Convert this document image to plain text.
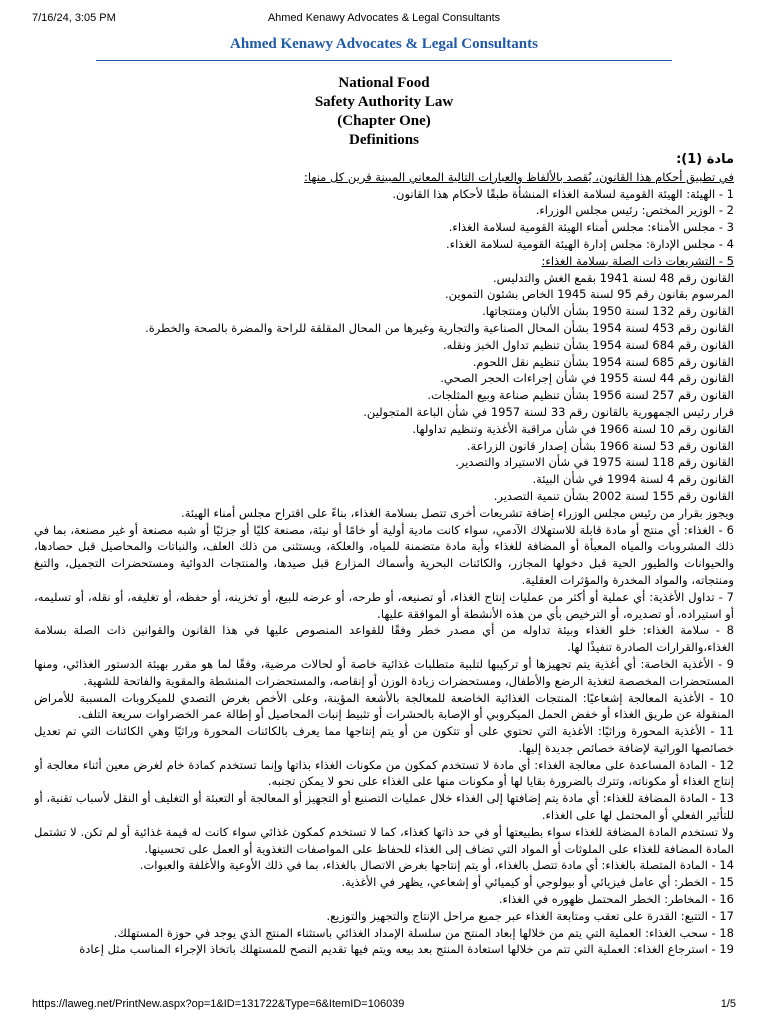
7/16/24, 3:05 PM	Ahmed Kenawy Advocates & Legal Consultants
Ahmed Kenawy Advocates & Legal Consultants
National Food
Safety Authority Law
(Chapter One)
Definitions

مادة (1):

في تطبيق أحكام هذا القانون، يُقصد بالألفاظ والعبارات التالية المعاني المبينة قرين كل منها:

1 - الهيئة: الهيئة القومية لسلامة الغذاء المنشأة طبقًا لأحكام هذا القانون.

2 - الوزير المختص: رئيس مجلس الوزراء.

3 - مجلس الأمناء: مجلس أمناء الهيئة القومية لسلامة الغذاء.

4 - مجلس الإدارة: مجلس إدارة الهيئة القومية لسلامة الغذاء.

5 - التشريعات ذات الصلة بسلامة الغذاء:

القانون رقم 48 لسنة 1941 بقمع الغش والتدليس.

المرسوم بقانون رقم 95 لسنة 1945 الخاص بشئون التموين.

القانون رقم 132 لسنة 1950 بشأن الألبان ومنتجاتها.

القانون رقم 453 لسنة 1954 بشأن المحال الصناعية والتجارية وغيرها من المحال المقلقة للراحة والمضرة بالصحة والخطرة.

القانون رقم 684 لسنة 1954 بشأن تنظيم تداول الخبز ونقله.

القانون رقم 685 لسنة 1954 بشأن تنظيم نقل اللحوم.

القانون رقم 44 لسنة 1955 في شأن إجراءات الحجر الصحي.

القانون رقم 257 لسنة 1956 بشأن تنظيم صناعة وبيع المثلجات.

قرار رئيس الجمهورية بالقانون رقم 33 لسنة 1957 في شأن الباعة المتجولين.

القانون رقم 10 لسنة 1966 في شأن مراقبة الأغذية وتنظيم تداولها.

القانون رقم 53 لسنة 1966 بشأن إصدار قانون الزراعة.

القانون رقم 118 لسنة 1975 في شأن الاستيراد والتصدير.

القانون رقم 4 لسنة 1994 في شأن البيئة.

القانون رقم 155 لسنة 2002 بشأن تنمية التصدير.

ويجوز بقرار من رئيس مجلس الوزراء إضافة تشريعات أخرى تتصل بسلامة الغذاء، بناءً على اقتراح مجلس أمناء الهيئة.

6 - الغذاء: أي منتج أو مادة قابلة للاستهلاك الآدمي، سواء كانت مادية أولية أو خامًا أو نيئة، مصنعة كليًا أو جزئيًا أو شبه مصنعة أو غير مصنعة، بما في ذلك المشروبات والمياه المعبأة أو المضافة للغذاء وأية مادة متضمنة للمياه، والعلكة، ويستثنى من ذلك العلف، والنباتات والمحاصيل قبل حصادها، والحيوانات والطيور الحية قبل دخولها المجازر، والكائنات البحرية وأسماك المزارع قبل صيدها، والمنتجات الدوائية ومستحضرات التجميل، والتبغ ومنتجاته، والمواد المخدرة والمؤثرات العقلية.

7 - تداول الأغذية: أي عملية أو أكثر من عمليات إنتاج الغذاء، أو تصنيعه، أو طرحه، أو عرضه للبيع، أو تخزينه، أو حفظه، أو تغليفه، أو نقله، أو تسليمه، أو استيراده، أو تصديره، أو الترخيص بأي من هذه الأنشطة أو الموافقة عليها.

8 - سلامة الغذاء: خلو الغذاء وبيئة تداوله من أي مصدر خطر وفقًا للقواعد المنصوص عليها في هذا القانون والقوانين ذات الصلة بسلامة الغذاء،والقرارات الصادرة تنفيذًا لها.

9 - الأغذية الخاصة: أي أغذية يتم تجهيزها أو تركيبها لتلبية متطلبات غذائية خاصة أو لحالات مرضية، وفقًا لما هو مقرر بهيئة الدستور الغذائي، ومنها المستحضرات المخصصة لتغذية الرضع والأطفال، ومستحضرات زيادة الوزن أو إنقاصه، والمستحضرات المنشطة والمقوية والفاتحة للشهية.

10 - الأغذية المعالجة إشعاعيًا: المنتجات الغذائية الخاضعة للمعالجة بالأشعة المؤينة، وعلى الأخص بغرض التصدي للميكروبات المسببة للأمراض المنقولة عن طريق الغذاء أو خفض الحمل الميكروبي أو الإصابة بالحشرات أو تثبيط إنبات المحاصيل أو إطالة عمر الخضراوات سريعة التلف.

11 - الأغذية المحورة وراثيًا: الأغذية التي تحتوي على أو تتكون من أو يتم إنتاجها مما يعرف بالكائنات المحورة وراثيًا وهي الكائنات التي تم تعديل خصائصها الوراثية لإضافة خصائص جديدة إليها.

12 - المادة المساعدة على معالجة الغذاء: أي مادة لا تستخدم كمكون من مكونات الغذاء بذاتها وإنما تستخدم كمادة خام لغرض معين أثناء معالجة أو إنتاج الغذاء أو مكوناته، وتترك بالضرورة بقايا لها أو مكونات منها على الغذاء على نحو لا يمكن تجنبه.

13 - المادة المضافة للغذاء: أي مادة يتم إضافتها إلى الغذاء خلال عمليات التصنيع أو التجهيز أو المعالجة أو التعبئة أو التغليف أو النقل لأسباب تقنية، أو للتأثير الفعلي أو المحتمل لها على الغذاء.

ولا تستخدم المادة المضافة للغذاء سواء بطبيعتها أو في حد ذاتها كغذاء، كما لا تستخدم كمكون غذائي سواء كانت له قيمة غذائية أو لم تكن. لا تشتمل المادة المضافة للغذاء على الملوثات أو المواد التي تضاف إلى الغذاء للحفاظ على المواصفات التغذوية أو العمل على تحسينها.

14 - المادة المتصلة بالغذاء: أي مادة تتصل بالغذاء، أو يتم إنتاجها بغرض الاتصال بالغذاء، بما في ذلك الأوعية والأغلفة والعبوات.

15 - الخطر: أي عامل فيزيائي أو بيولوجي أو كيميائي أو إشعاعي، يظهر في الأغذية.

16 - المخاطر: الخطر المحتمل ظهوره في الغذاء.

17 - التتبع: القدرة على تعقب ومتابعة الغذاء عبر جميع مراحل الإنتاج والتجهيز والتوزيع.

18 - سحب الغذاء: العملية التي يتم من خلالها إبعاد المنتج من سلسلة الإمداد الغذائي باستثناء المنتج الذي يوجد في حوزة المستهلك.

19 - استرجاع الغذاء: العملية التي تتم من خلالها استعادة المنتج بعد بيعه ويتم فيها تقديم النصح للمستهلك باتخاذ الإجراء المناسب مثل إعادة

https://laweg.net/PrintNew.aspx?op=1&ID=131722&Type=6&ItemID=106039	1/5
